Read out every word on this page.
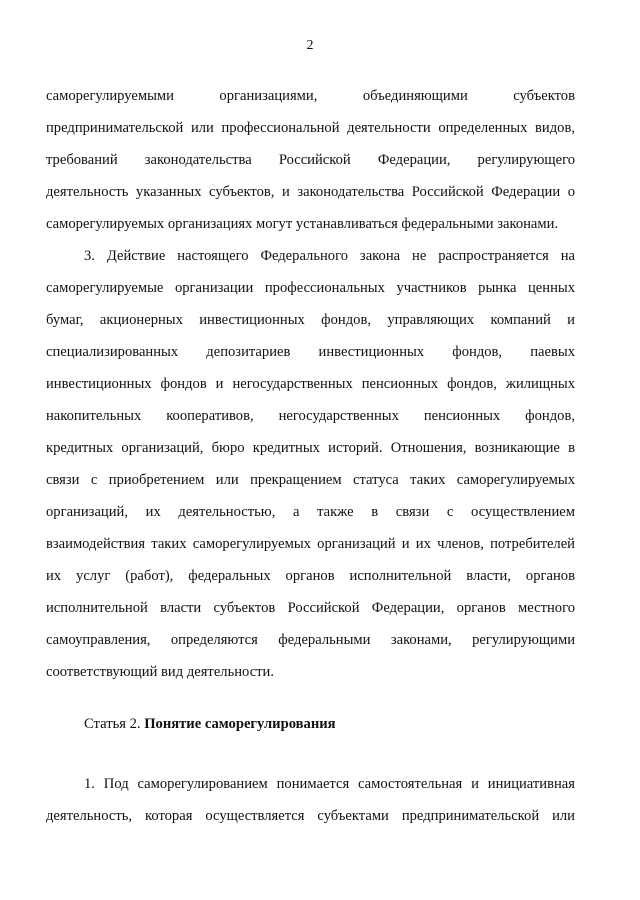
2
саморегулируемыми организациями, объединяющими субъектов
предпринимательской или профессиональной деятельности определенных видов,
требований законодательства Российской Федерации, регулирующего
деятельность указанных субъектов, и законодательства Российской Федерации о
саморегулируемых организациях могут устанавливаться федеральными законами.
3. Действие настоящего Федерального закона не распространяется на
саморегулируемые организации профессиональных участников рынка ценных
бумаг, акционерных инвестиционных фондов, управляющих компаний и
специализированных депозитариев инвестиционных фондов, паевых
инвестиционных фондов и негосударственных пенсионных фондов, жилищных
накопительных кооперативов, негосударственных пенсионных фондов,
кредитных организаций, бюро кредитных историй. Отношения, возникающие в
связи с приобретением или прекращением статуса таких саморегулируемых
организаций, их деятельностью, а также в связи с осуществлением
взаимодействия таких саморегулируемых организаций и их членов, потребителей
их услуг (работ), федеральных органов исполнительной власти, органов
исполнительной власти субъектов Российской Федерации, органов местного
самоуправления, определяются федеральными законами, регулирующими
соответствующий вид деятельности.
Статья 2. Понятие саморегулирования
1. Под саморегулированием понимается самостоятельная и инициативная
деятельность, которая осуществляется субъектами предпринимательской или
